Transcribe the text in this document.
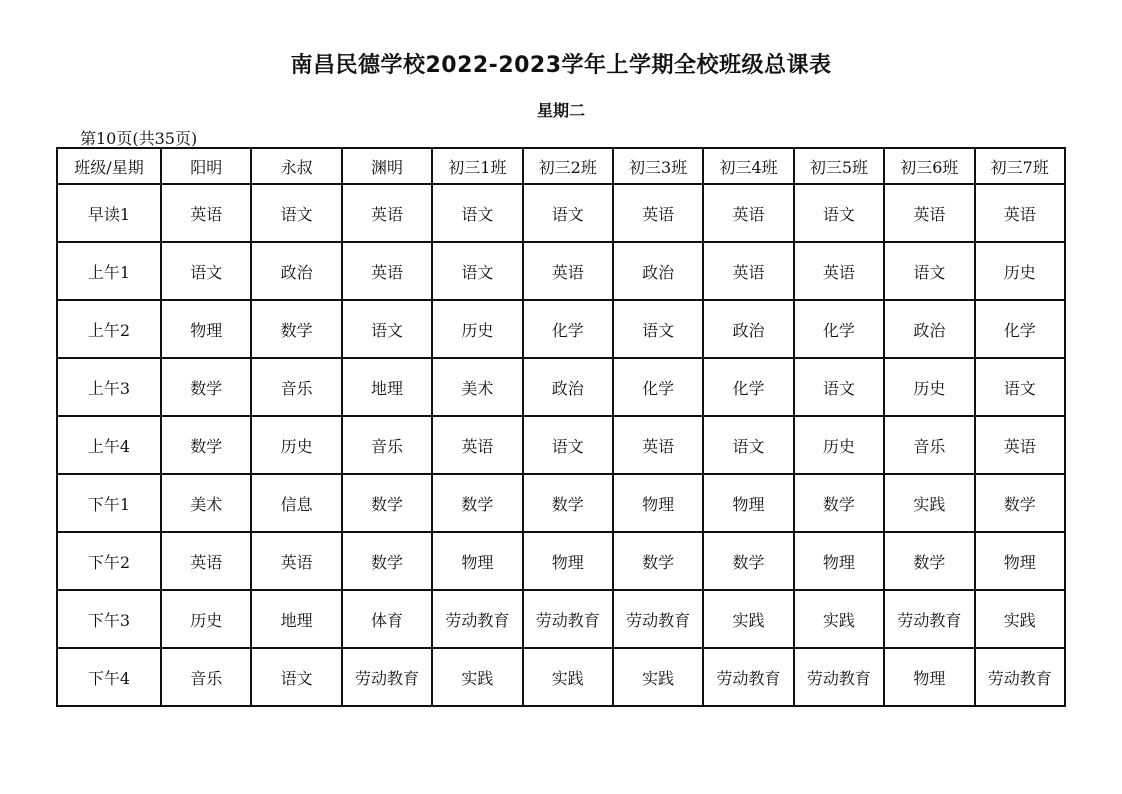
南昌民德学校2022-2023学年上学期全校班级总课表
星期二
第10页(共35页)
班级/星期	阳明	永叔	渊明	初三1班	初三2班	初三3班	初三4班	初三5班	初三6班	初三7班
早读1	英语	语文	英语	语文	语文	英语	英语	语文	英语	英语
上午1	语文	政治	英语	语文	英语	政治	英语	英语	语文	历史
上午2	物理	数学	语文	历史	化学	语文	政治	化学	政治	化学
上午3	数学	音乐	地理	美术	政治	化学	化学	语文	历史	语文
上午4	数学	历史	音乐	英语	语文	英语	语文	历史	音乐	英语
下午1	美术	信息	数学	数学	数学	物理	物理	数学	实践	数学
下午2	英语	英语	数学	物理	物理	数学	数学	物理	数学	物理
下午3	历史	地理	体育	劳动教育	劳动教育	劳动教育	实践	实践	劳动教育	实践
下午4	音乐	语文	劳动教育	实践	实践	实践	劳动教育	劳动教育	物理	劳动教育
